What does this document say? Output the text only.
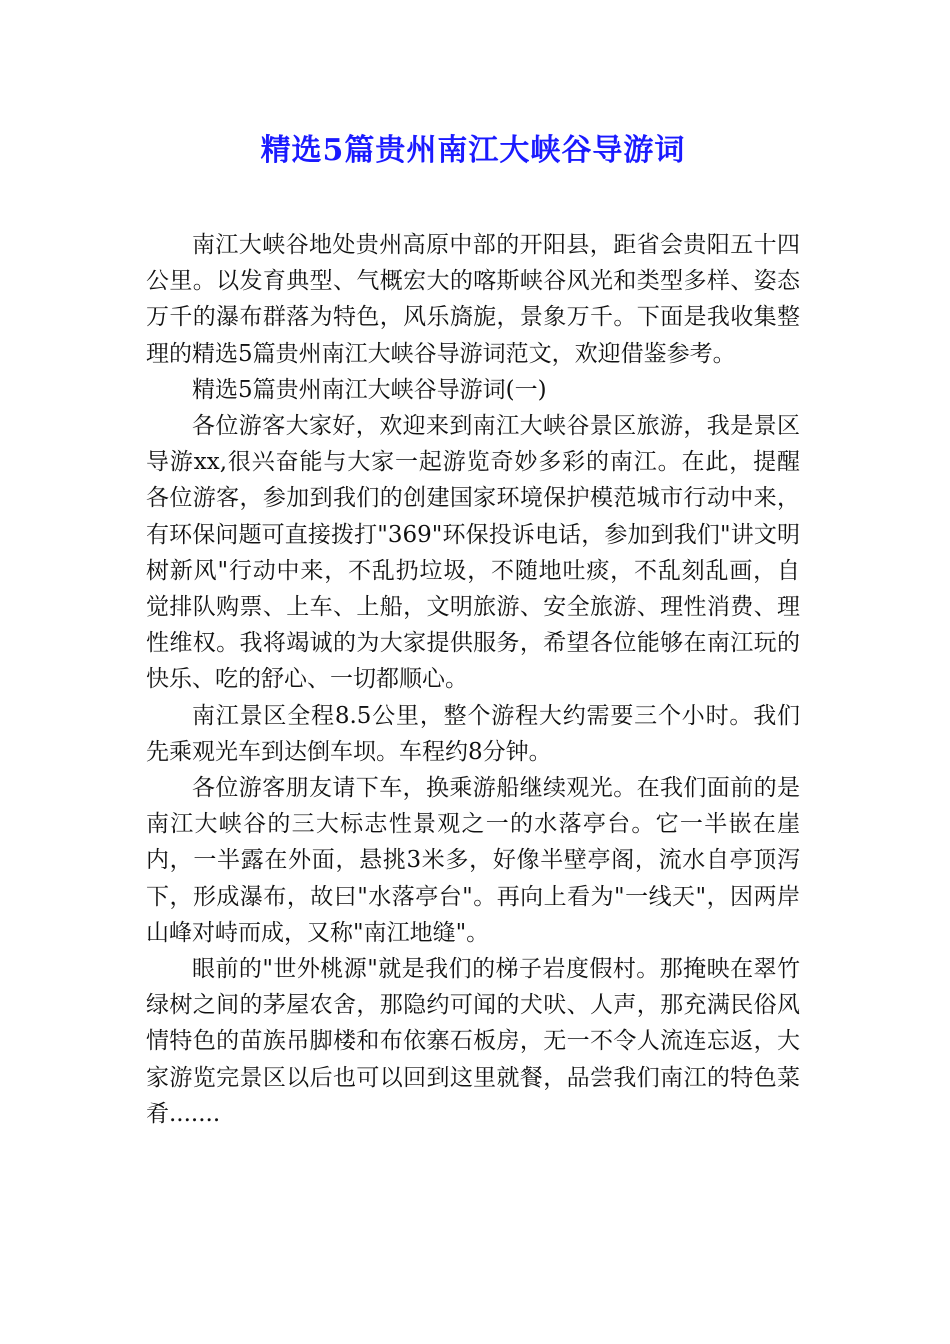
精选5篇贵州南江大峡谷导游词

南江大峡谷地处贵州高原中部的开阳县，距省会贵阳五十四公里。以发育典型、气概宏大的喀斯峡谷风光和类型多样、姿态万千的瀑布群落为特色，风乐旖旎，景象万千。下面是我收集整理的精选5篇贵州南江大峡谷导游词范文，欢迎借鉴参考。

精选5篇贵州南江大峡谷导游词(一)

各位游客大家好，欢迎来到南江大峡谷景区旅游，我是景区导游xx,很兴奋能与大家一起游览奇妙多彩的南江。在此，提醒各位游客，参加到我们的创建国家环境保护模范城市行动中来，有环保问题可直接拨打"369"环保投诉电话，参加到我们"讲文明树新风"行动中来，不乱扔垃圾，不随地吐痰，不乱刻乱画，自觉排队购票、上车、上船，文明旅游、安全旅游、理性消费、理性维权。我将竭诚的为大家提供服务，希望各位能够在南江玩的快乐、吃的舒心、一切都顺心。

南江景区全程8.5公里，整个游程大约需要三个小时。我们先乘观光车到达倒车坝。车程约8分钟。

各位游客朋友请下车，换乘游船继续观光。在我们面前的是南江大峡谷的三大标志性景观之一的水落亭台。它一半嵌在崖内，一半露在外面，悬挑3米多，好像半壁亭阁，流水自亭顶泻下，形成瀑布，故曰"水落亭台"。再向上看为"一线天"，因两岸山峰对峙而成，又称"南江地缝"。

眼前的"世外桃源"就是我们的梯子岩度假村。那掩映在翠竹绿树之间的茅屋农舍，那隐约可闻的犬吠、人声，那充满民俗风情特色的苗族吊脚楼和布依寨石板房，无一不令人流连忘返，大家游览完景区以后也可以回到这里就餐，品尝我们南江的特色菜肴.......
